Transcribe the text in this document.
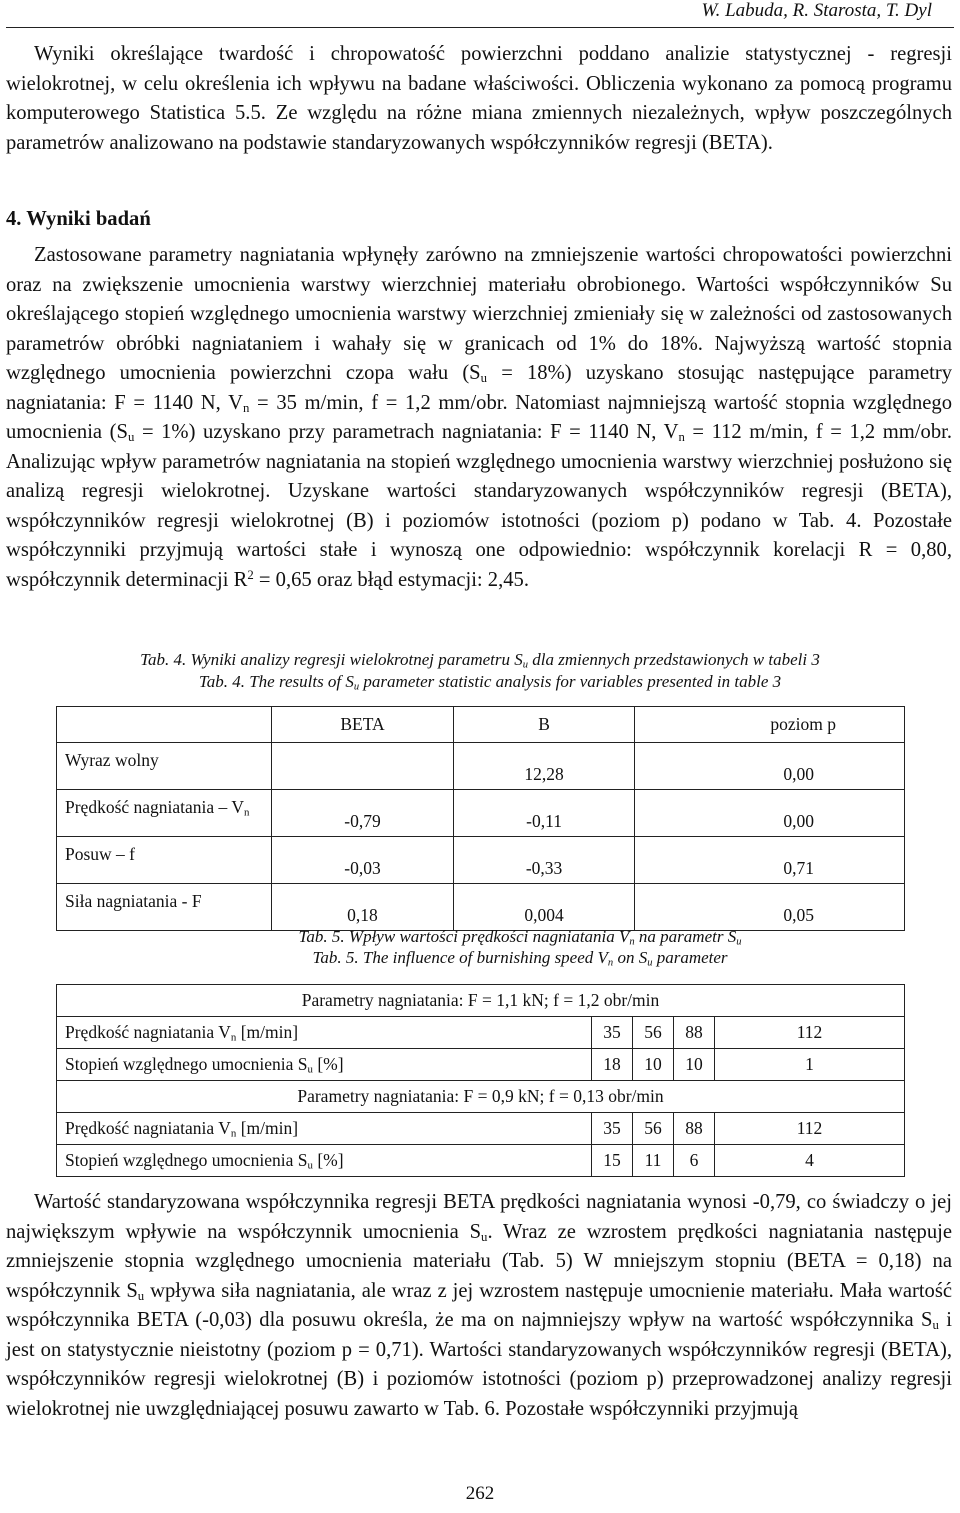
W. Labuda, R. Starosta, T. Dyl

Wyniki określające twardość i chropowatość powierzchni poddano analizie statystycznej - regresji wielokrotnej, w celu określenia ich wpływu na badane właściwości. Obliczenia wykonano za pomocą programu komputerowego Statistica 5.5. Ze względu na różne miana zmiennych niezależnych, wpływ poszczególnych parametrów analizowano na podstawie standaryzowanych współczynników regresji (BETA).

4. Wyniki badań

Zastosowane parametry nagniatania wpłynęły zarówno na zmniejszenie wartości chropowatości powierzchni oraz na zwiększenie umocnienia warstwy wierzchniej materiału obrobionego. Wartości współczynników Su określającego stopień względnego umocnienia warstwy wierzchniej zmieniały się w zależności od zastosowanych parametrów obróbki nagniataniem i wahały się w granicach od 1% do 18%. Najwyższą wartość stopnia względnego umocnienia powierzchni czopa wału $(S_u = 18\%)$ uzyskano stosując następujące parametry nagniatania: F = 1140 N, $V_n = 35$ m/min, f = 1,2 mm/obr. Natomiast najmniejszą wartość stopnia względnego umocnienia $(S_u = 1\%)$ uzyskano przy parametrach nagniatania: F = 1140 N, $V_n = 112$ m/min, f = 1,2 mm/obr. Analizując wpływ parametrów nagniatania na stopień względnego umocnienia warstwy wierzchniej posłużono się analizą regresji wielokrotnej. Uzyskane wartości standaryzowanych współczynników regresji (BETA), współczynników regresji wielokrotnej (B) i poziomów istotności (poziom p) podano w Tab. 4. Pozostałe współczynniki przyjmują wartości stałe i wynoszą one odpowiednio: współczynnik korelacji R = 0,80, współczynnik determinacji $R^2 = 0,65$ oraz błąd estymacji: 2,45.

Tab. 4. Wyniki analizy regresji wielokrotnej parametru $S_u$ dla zmiennych przedstawionych w tabeli 3

Tab. 4. The results of $S_u$ parameter statistic analysis for variables presented in table 3

	BETA	B	poziom p
Wyraz wolny		12,28	0,00
Prędkość nagniatania – $V_n$	-0,79	-0,11	0,00
Posuw – f	-0,03	-0,33	0,71
Siła nagniatania - F	0,18	0,004	0,05

Tab. 5. Wpływ wartości prędkości nagniatania $V_n$ na parametr $S_u$

Tab. 5. The influence of burnishing speed $V_n$ on $S_u$ parameter

Parametry nagniatania: F = 1,1 kN; f = 1,2 obr/min				
Prędkość nagniatania $V_n$ [m/min]	35	56	88	112
Stopień względnego umocnienia $S_u$ [%]	18	10	10	1
Parametry nagniatania: F = 0,9 kN; f = 0,13 obr/min				
Prędkość nagniatania $V_n$ [m/min]	35	56	88	112
Stopień względnego umocnienia $S_u$ [%]	15	11	6	4

Wartość standaryzowana współczynnika regresji BETA prędkości nagniatania wynosi -0,79, co świadczy o jej największym wpływie na współczynnik umocnienia $S_u$. Wraz ze wzrostem prędkości nagniatania następuje zmniejszenie stopnia względnego umocnienia materiału (Tab. 5) W mniejszym stopniu (BETA = 0,18) na współczynnik $S_u$ wpływa siła nagniatania, ale wraz z jej wzrostem następuje umocnienie materiału. Mała wartość współczynnika BETA (-0,03) dla posuwu określa, że ma on najmniejszy wpływ na wartość współczynnika $S_u$ i jest on statystycznie nieistotny (poziom p = 0,71). Wartości standaryzowanych współczynników regresji (BETA), współczynników regresji wielokrotnej (B) i poziomów istotności (poziom p) przeprowadzonej analizy regresji wielokrotnej nie uwzględniającej posuwu zawarto w Tab. 6. Pozostałe współczynniki przyjmują

262
